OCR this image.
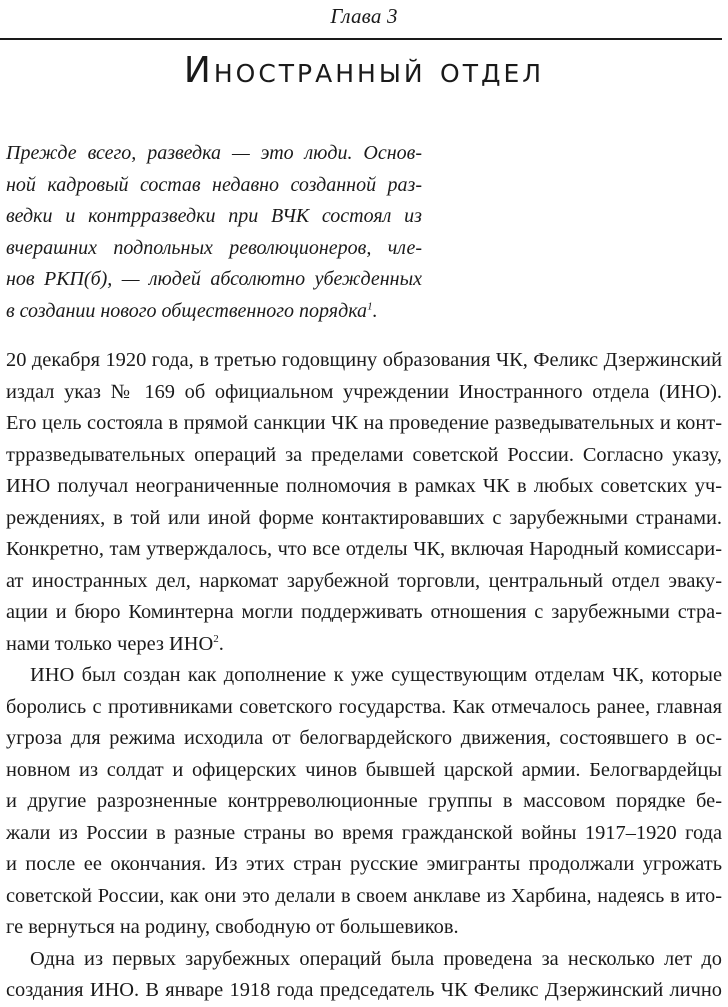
Глава 3
Иностранный отдел
Прежде всего, разведка — это люди. Основ-
ной кадровый состав недавно созданной раз-
ведки и контрразведки при ВЧК состоял из
вчерашних подпольных революционеров, чле-
нов РКП(б), — людей абсолютно убежденных
в создании нового общественного порядка$^1$.

20 декабря 1920 года, в третью годовщину образования ЧК, Феликс Дзержинский
издал указ № 169 об официальном учреждении Иностранного отдела (ИНО).
Его цель состояла в прямой санкции ЧК на проведение разведывательных и конт-
трразведывательных операций за пределами советской России. Согласно указу,
ИНО получал неограниченные полномочия в рамках ЧК в любых советских уч-
реждениях, в той или иной форме контактировавших с зарубежными странами.
Конкретно, там утверждалось, что все отделы ЧК, включая Народный комиссари-
ат иностранных дел, наркомат зарубежной торговли, центральный отдел эваку-
ации и бюро Коминтерна могли поддерживать отношения с зарубежными стра-
нами только через ИНО$^2$.

ИНО был создан как дополнение к уже существующим отделам ЧК, которые
боролись с противниками советского государства. Как отмечалось ранее, главная
угроза для режима исходила от белогвардейского движения, состоявшего в ос-
новном из солдат и офицерских чинов бывшей царской армии. Белогвардейцы
и другие разрозненные контрреволюционные группы в массовом порядке бе-
жали из России в разные страны во время гражданской войны 1917–1920 года
и после ее окончания. Из этих стран русские эмигранты продолжали угрожать
советской России, как они это делали в своем анклаве из Харбина, надеясь в ито-
ге вернуться на родину, свободную от большевиков.

Одна из первых зарубежных операций была проведена за несколько лет до
создания ИНО. В январе 1918 года председатель ЧК Феликс Дзержинский лично
